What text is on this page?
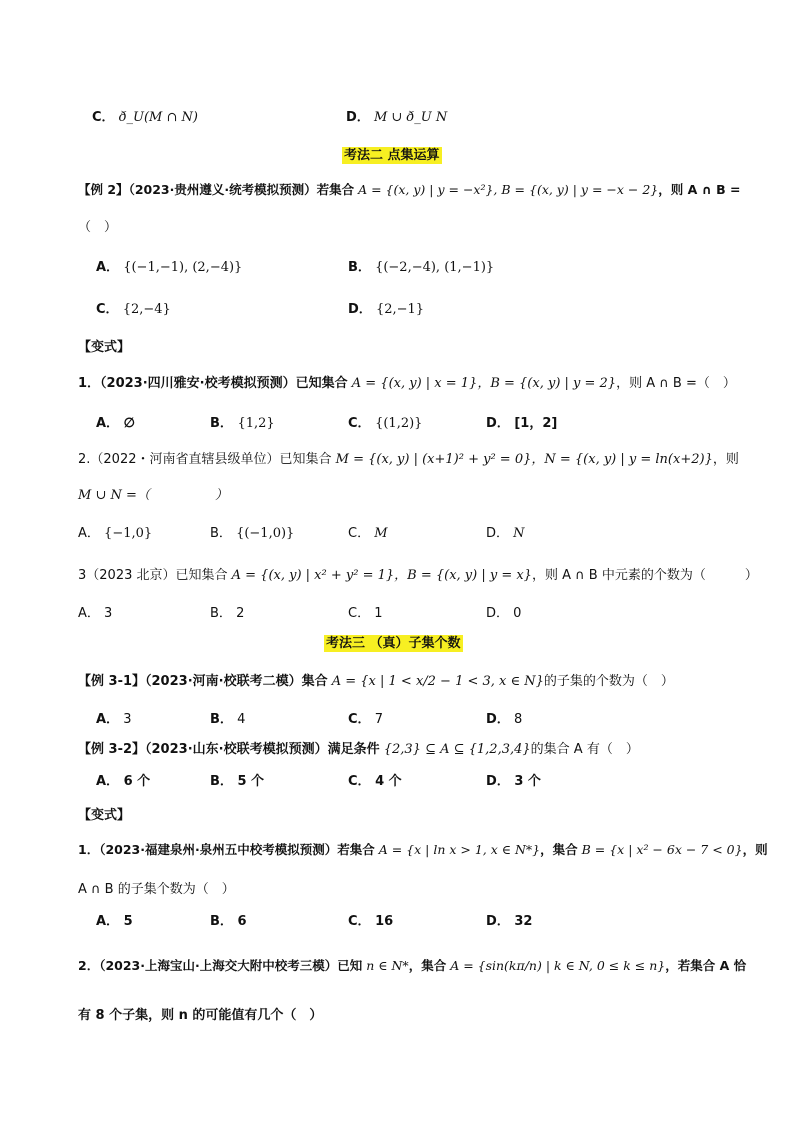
C． ð_U(M ∩ N)	D． M ∪ ð_U N
考法二 点集运算
【例 2】（2023·贵州遵义·统考模拟预测）若集合 A = {(x, y) | y = −x²}, B = {(x, y) | y = −x − 2}，则 A ∩ B =
（　）
A． {(−1,−1), (2,−4)}	B． {(−2,−4), (1,−1)}
C． {2,−4}	D． {2,−1}
【变式】
1．（2023·四川雅安·校考模拟预测）已知集合 A = {(x, y) | x = 1}，B = {(x, y) | y = 2}，则 A ∩ B =（　）
A． ∅	B． {1,2}	C． {(1,2)}	D． [1，2]
2.（2022・河南省直辖县级单位）已知集合 M = {(x, y) | (x+1)² + y² = 0}，N = {(x, y) | y = ln(x+2)}，则
M ∪ N =（　　　　　）
A． {−1,0}	B． {(−1,0)}	C． M	D． N
3（2023 北京）已知集合 A = {(x, y) | x² + y² = 1}，B = {(x, y) | y = x}，则 A ∩ B 中元素的个数为（　　　）
A． 3	B． 2	C． 1	D． 0
考法三 （真）子集个数
【例 3-1】（2023·河南·校联考二模）集合 A = {x | 1 < x/2 − 1 < 3, x ∈ N}的子集的个数为（　）
A． 3	B． 4	C． 7	D． 8
【例 3-2】（2023·山东·校联考模拟预测）满足条件 {2,3} ⊆ A ⊆ {1,2,3,4}的集合 A 有（　）
A． 6 个	B． 5 个	C． 4 个	D． 3 个
【变式】
1．（2023·福建泉州·泉州五中校考模拟预测）若集合 A = {x | ln x > 1, x ∈ N*}，集合 B = {x | x² − 6x − 7 < 0}，则
A ∩ B 的子集个数为（　）
A． 5	B． 6	C． 16	D． 32
2．（2023·上海宝山·上海交大附中校考三模）已知 n ∈ N*，集合 A = {sin(kπ/n) | k ∈ N, 0 ≤ k ≤ n}，若集合 A 恰
有 8 个子集，则 n 的可能值有几个（　）
